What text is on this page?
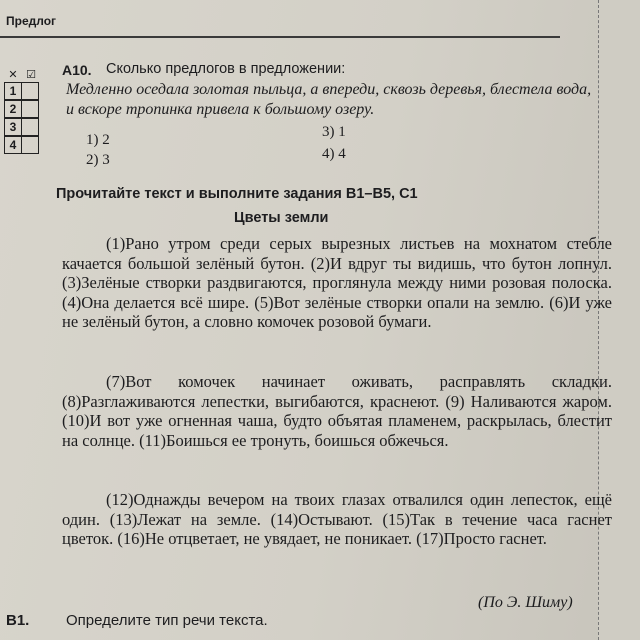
Предлог
✕ ☑
1
2
3
4
A10. Сколько предлогов в предложении:
Медленно оседала золотая пыльца, а впереди, сквозь деревья, блестела вода, и вскоре тропинка привела к большому озеру.
1) 2
2) 3
3) 1
4) 4
Прочитайте текст и выполните задания В1–В5, С1
Цветы земли
(1)Рано утром среди серых вырезных листьев на мохнатом стебле качается большой зелёный бутон. (2)И вдруг ты видишь, что бутон лопнул. (3)Зелёные створки раздвигаются, проглянула между ними розовая полоска. (4)Она делается всё шире. (5)Вот зелёные створки опали на землю. (6)И уже не зелёный бутон, а словно комочек розовой бумаги.
(7)Вот комочек начинает оживать, расправлять складки. (8)Разглаживаются лепестки, выгибаются, краснеют. (9) Наливаются жаром. (10)И вот уже огненная чаша, будто объятая пламенем, раскрылась, блестит на солнце. (11)Боишься ее тронуть, боишься обжечься.
(12)Однажды вечером на твоих глазах отвалился один лепесток, ещё один. (13)Лежат на земле. (14)Остывают. (15)Так в течение часа гаснет цветок. (16)Не отцветает, не увядает, не поникает. (17)Просто гаснет.
(По Э. Шиму)
B1. Определите тип речи текста.
